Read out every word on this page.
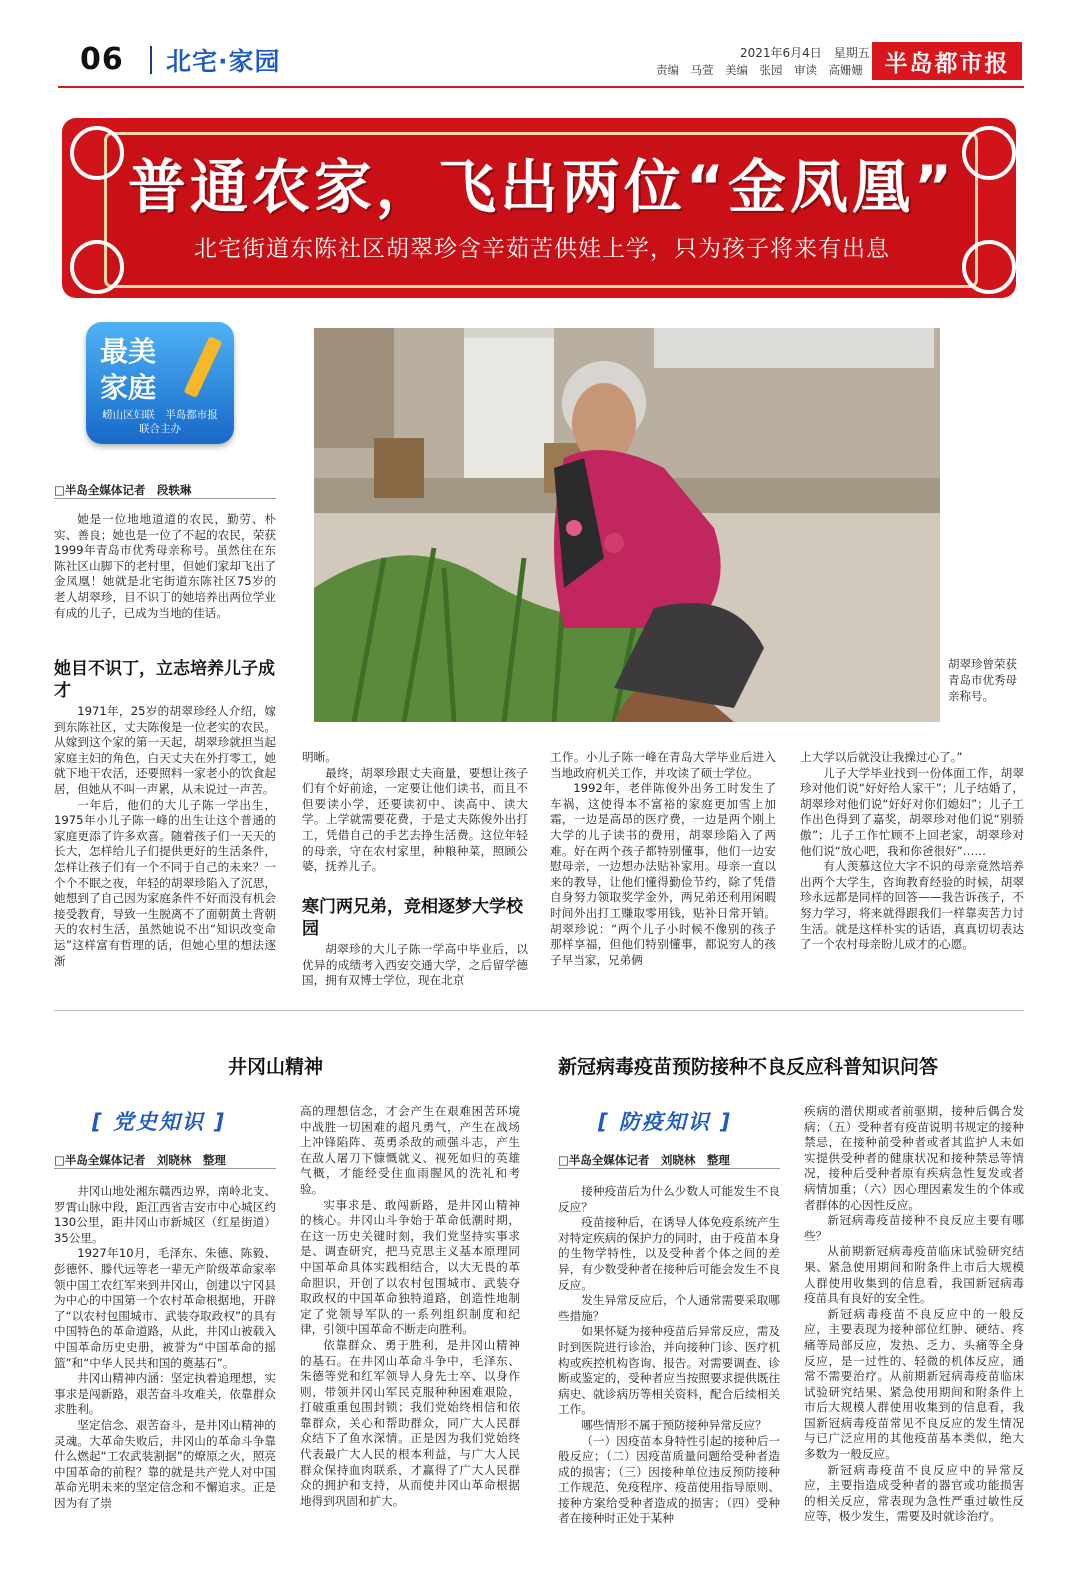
06 北宅·家园	2021年6月4日　星期五
责编　马萱　美编　张园　审读　高姗姗 半岛都市报
普通农家，飞出两位“金凤凰”
北宅街道东陈社区胡翠珍含辛茹苦供娃上学，只为孩子将来有出息
最美
家庭
崂山区妇联　半岛都市报
联合主办
胡翠珍曾荣获青岛市优秀母亲称号。
□半岛全媒体记者　段轶琳

她是一位地地道道的农民，勤劳、朴实、善良；她也是一位了不起的农民，荣获1999年青岛市优秀母亲称号。虽然住在东陈社区山脚下的老村里，但她们家却飞出了金凤凰！她就是北宅街道东陈社区75岁的老人胡翠珍，目不识丁的她培养出两位学业有成的儿子，已成为当地的佳话。

她目不识丁，立志培养儿子成才

1971年，25岁的胡翠珍经人介绍，嫁到东陈社区，丈夫陈俊是一位老实的农民。从嫁到这个家的第一天起，胡翠珍就担当起家庭主妇的角色，白天丈夫在外打零工，她就下地干农活，还要照料一家老小的饮食起居，但她从不叫一声累，从未说过一声苦。

一年后，他们的大儿子陈一学出生，1975年小儿子陈一峰的出生让这个普通的家庭更添了许多欢喜。随着孩子们一天天的长大，怎样给儿子们提供更好的生活条件，怎样让孩子们有一个不同于自己的未来？一个个不眠之夜，年轻的胡翠珍陷入了沉思，她想到了自己因为家庭条件不好而没有机会接受教育，导致一生脱离不了面朝黄土背朝天的农村生活，虽然她说不出“知识改变命运”这样富有哲理的话，但她心里的想法逐渐

明晰。

最终，胡翠珍跟丈夫商量，要想让孩子们有个好前途，一定要让他们读书，而且不但要读小学，还要读初中、读高中、读大学。上学就需要花费，于是丈夫陈俊外出打工，凭借自己的手艺去挣生活费。这位年轻的母亲，守在农村家里，种粮种菜，照顾公婆，抚养儿子。

寒门两兄弟，竞相逐梦大学校园

胡翠珍的大儿子陈一学高中毕业后，以优异的成绩考入西安交通大学，之后留学德国，拥有双博士学位，现在北京

工作。小儿子陈一峰在青岛大学毕业后进入当地政府机关工作，并攻读了硕士学位。

1992年，老伴陈俊外出务工时发生了车祸，这使得本不富裕的家庭更加雪上加霜，一边是高昂的医疗费，一边是两个刚上大学的儿子读书的费用，胡翠珍陷入了两难。好在两个孩子都特别懂事，他们一边安慰母亲，一边想办法贴补家用。母亲一直以来的教导，让他们懂得勤俭节约，除了凭借自身努力领取奖学金外，两兄弟还利用闲暇时间外出打工赚取零用钱，贴补日常开销。胡翠珍说：“两个儿子小时候不像别的孩子那样享福，但他们特别懂事，都说穷人的孩子早当家，兄弟俩

上大学以后就没让我操过心了。”

儿子大学毕业找到一份体面工作，胡翠珍对他们说“好好给人家干”；儿子结婚了，胡翠珍对他们说“好好对你们媳妇”；儿子工作出色得到了嘉奖，胡翠珍对他们说“别骄傲”；儿子工作忙顾不上回老家，胡翠珍对他们说“放心吧，我和你爸很好”……

有人羡慕这位大字不识的母亲竟然培养出两个大学生，咨询教育经验的时候，胡翠珍永远都是同样的回答——我告诉孩子，不努力学习，将来就得跟我们一样靠卖苦力讨生活。就是这样朴实的话语，真真切切表达了一个农村母亲盼儿成才的心愿。

井冈山精神
[ 党史知识 ]
□半岛全媒体记者　刘晓林　整理

井冈山地处湘东赣西边界，南岭北支、罗霄山脉中段，距江西省吉安市中心城区约130公里，距井冈山市新城区（红星街道）35公里。

1927年10月，毛泽东、朱德、陈毅、彭德怀、滕代远等老一辈无产阶级革命家率领中国工农红军来到井冈山，创建以宁冈县为中心的中国第一个农村革命根据地，开辟了“以农村包围城市、武装夺取政权”的具有中国特色的革命道路，从此，井冈山被载入中国革命历史史册，被誉为“中国革命的摇篮”和“中华人民共和国的奠基石”。

井冈山精神内涵：坚定执着追理想，实事求是闯新路，艰苦奋斗攻难关，依靠群众求胜利。

坚定信念、艰苦奋斗，是井冈山精神的灵魂。大革命失败后，井冈山的革命斗争靠什么燃起“工农武装割据”的燎原之火，照亮中国革命的前程？靠的就是共产党人对中国革命光明未来的坚定信念和不懈追求。正是因为有了崇

高的理想信念，才会产生在艰难困苦环境中战胜一切困难的超凡勇气，产生在战场上冲锋陷阵、英勇杀敌的顽强斗志，产生在敌人屠刀下慷慨就义、视死如归的英雄气概，才能经受住血雨腥风的洗礼和考验。

实事求是、敢闯新路，是井冈山精神的核心。井冈山斗争始于革命低潮时期，在这一历史关键时刻，我们党坚持实事求是、调查研究，把马克思主义基本原理同中国革命具体实践相结合，以大无畏的革命胆识，开创了以农村包围城市、武装夺取政权的中国革命独特道路，创造性地制定了党领导军队的一系列组织制度和纪律，引领中国革命不断走向胜利。

依靠群众、勇于胜利，是井冈山精神的基石。在井冈山革命斗争中，毛泽东、朱德等党和红军领导人身先士卒、以身作则，带领井冈山军民克服种种困难艰险，打破重重包围封锁；我们党始终相信和依靠群众，关心和帮助群众，同广大人民群众结下了鱼水深情。正是因为我们党始终代表最广大人民的根本利益，与广大人民群众保持血肉联系，才赢得了广大人民群众的拥护和支持，从而使井冈山革命根据地得到巩固和扩大。

新冠病毒疫苗预防接种不良反应科普知识问答
[ 防疫知识 ]
□半岛全媒体记者　刘晓林　整理

接种疫苗后为什么少数人可能发生不良反应？

疫苗接种后，在诱导人体免疫系统产生对特定疾病的保护力的同时，由于疫苗本身的生物学特性，以及受种者个体之间的差异，有少数受种者在接种后可能会发生不良反应。

发生异常反应后，个人通常需要采取哪些措施？

如果怀疑为接种疫苗后异常反应，需及时到医院进行诊治，并向接种门诊、医疗机构或疾控机构咨询、报告。对需要调查、诊断或鉴定的，受种者应当按照要求提供既往病史、就诊病历等相关资料，配合后续相关工作。

哪些情形不属于预防接种异常反应？

（一）因疫苗本身特性引起的接种后一般反应；（二）因疫苗质量问题给受种者造成的损害；（三）因接种单位违反预防接种工作规范、免疫程序、疫苗使用指导原则、接种方案给受种者造成的损害；（四）受种者在接种时正处于某种

疾病的潜伏期或者前驱期，接种后偶合发病；（五）受种者有疫苗说明书规定的接种禁忌，在接种前受种者或者其监护人未如实提供受种者的健康状况和接种禁忌等情况，接种后受种者原有疾病急性复发或者病情加重；（六）因心理因素发生的个体或者群体的心因性反应。

新冠病毒疫苗接种不良反应主要有哪些？

从前期新冠病毒疫苗临床试验研究结果、紧急使用期间和附条件上市后大规模人群使用收集到的信息看，我国新冠病毒疫苗具有良好的安全性。

新冠病毒疫苗不良反应中的一般反应，主要表现为接种部位红肿、硬结、疼痛等局部反应，发热、乏力、头痛等全身反应，是一过性的、轻微的机体反应，通常不需要治疗。从前期新冠病毒疫苗临床试验研究结果、紧急使用期间和附条件上市后大规模人群使用收集到的信息看，我国新冠病毒疫苗常见不良反应的发生情况与已广泛应用的其他疫苗基本类似，绝大多数为一般反应。

新冠病毒疫苗不良反应中的异常反应，主要指造成受种者的器官或功能损害的相关反应，常表现为急性严重过敏性反应等，极少发生，需要及时就诊治疗。
